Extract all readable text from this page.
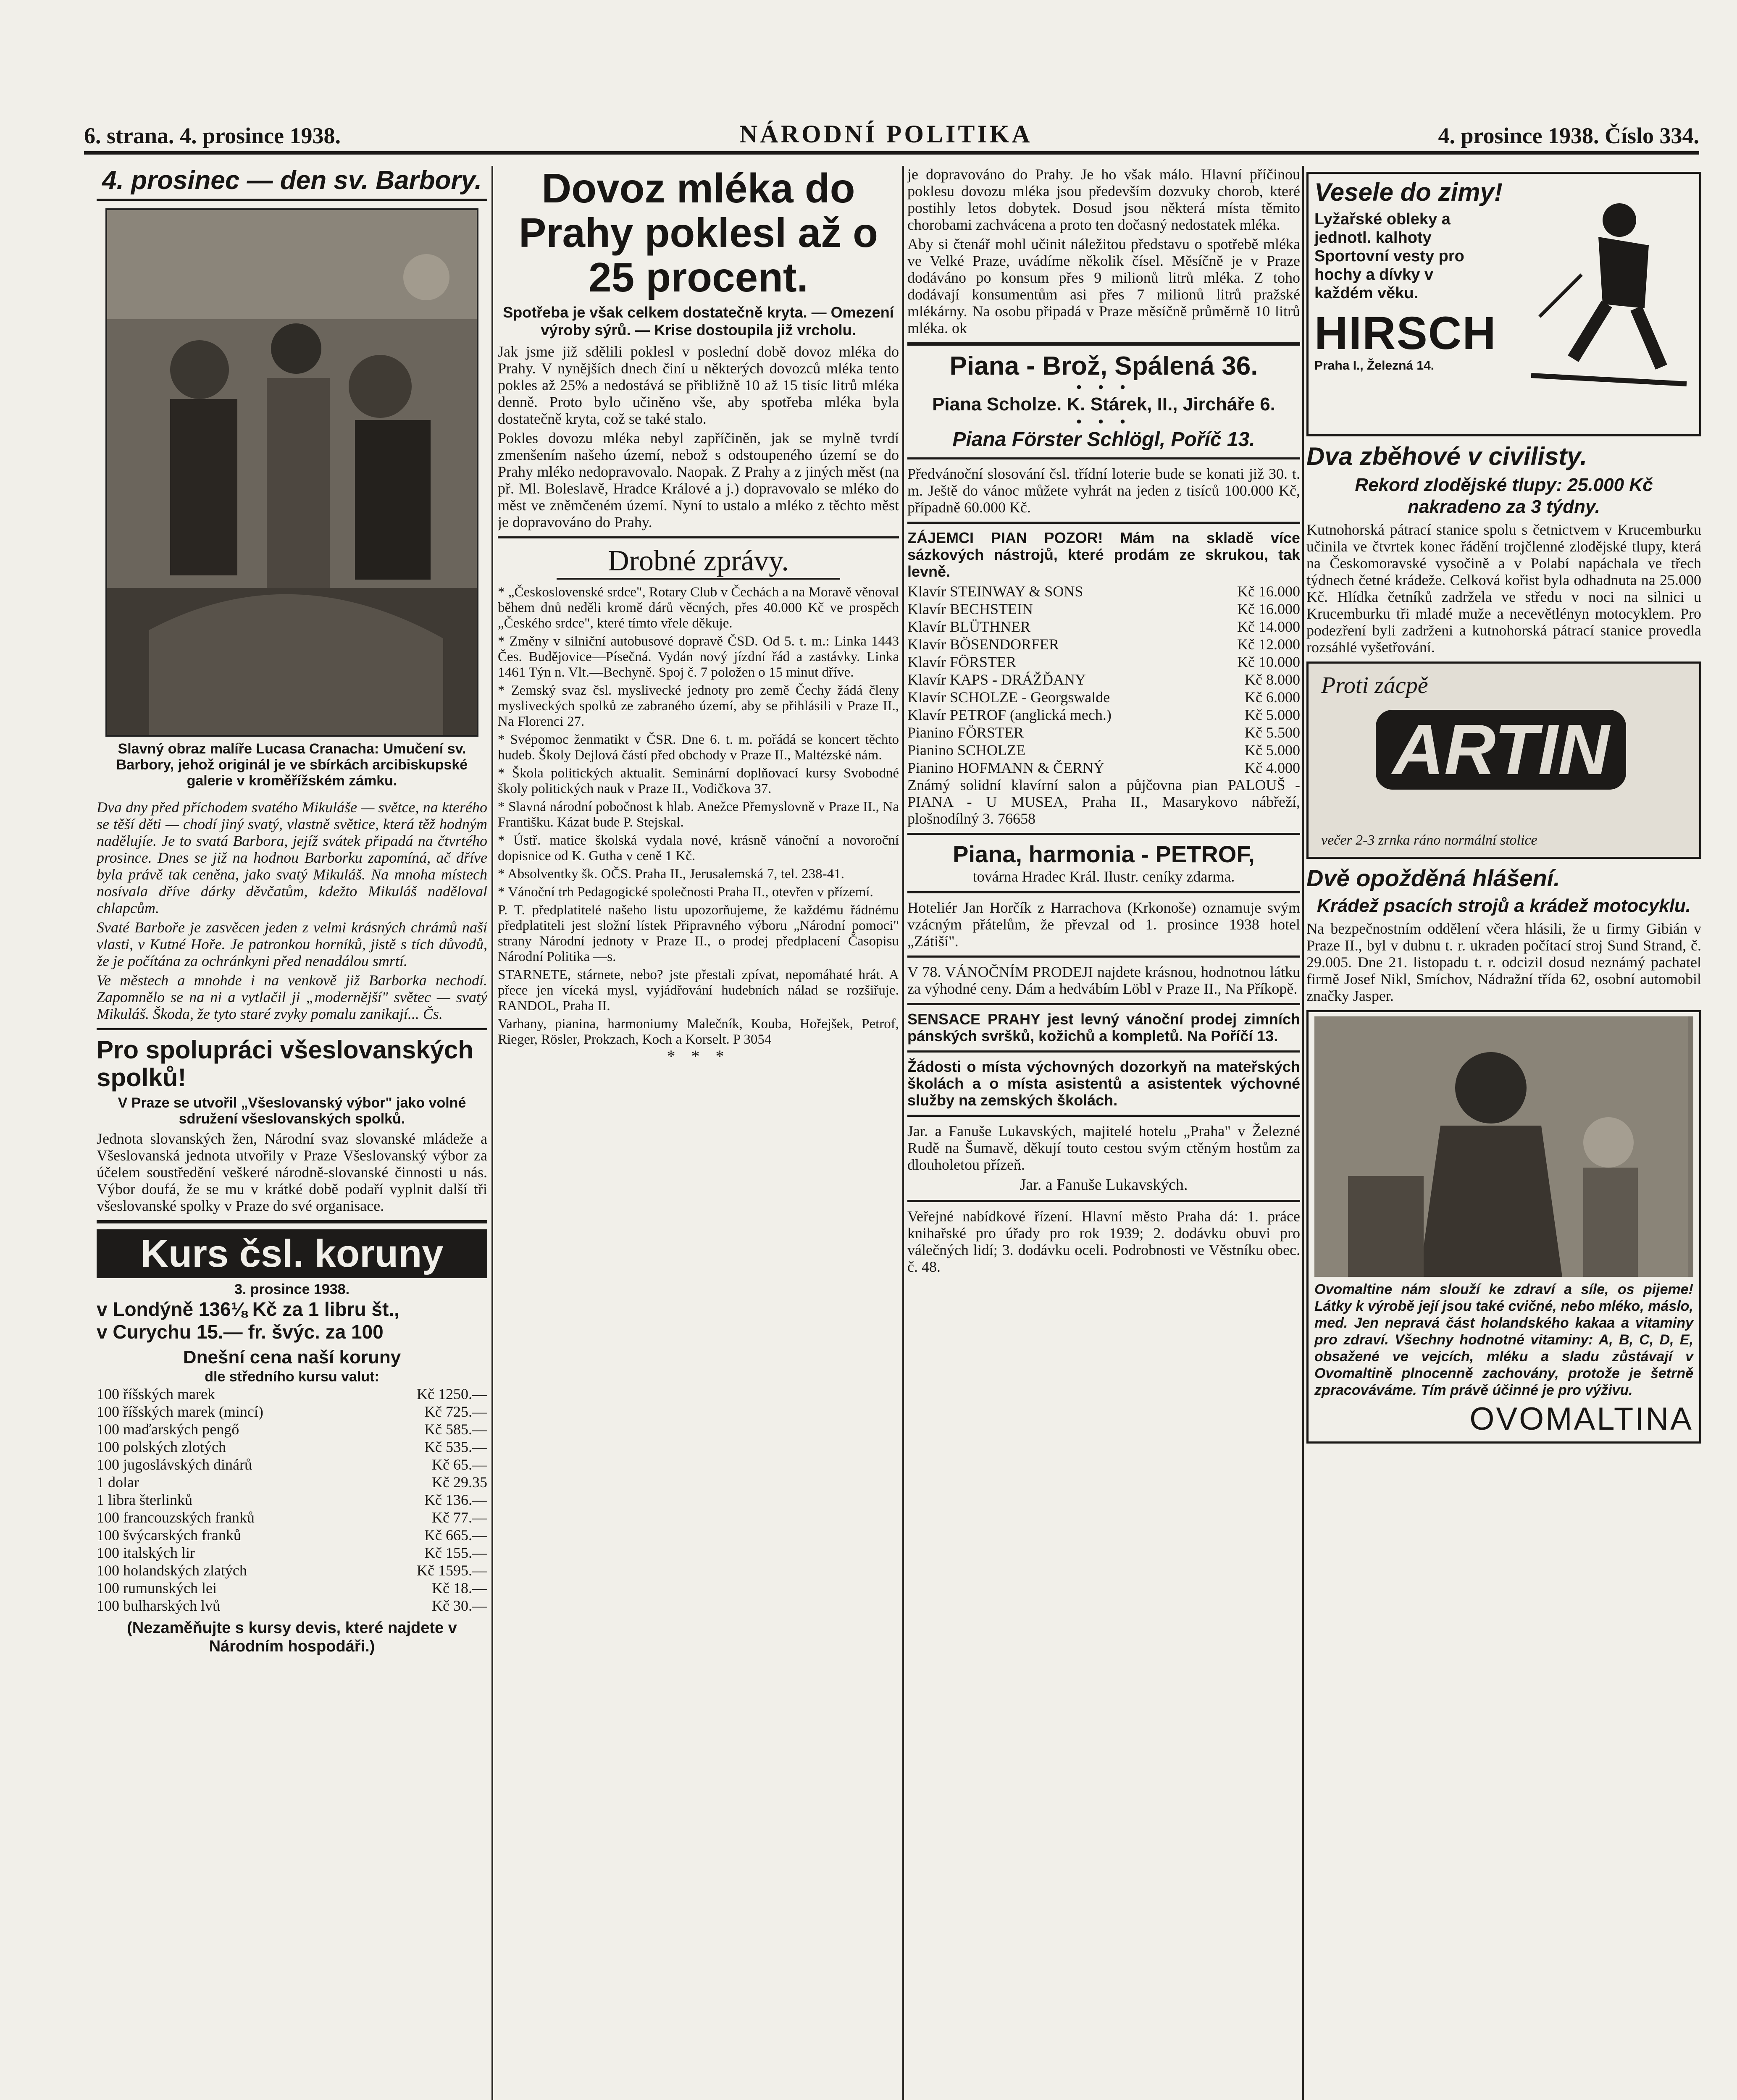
6. strana. 4. prosince 1938.	NÁRODNÍ POLITIKA	4. prosince 1938. Číslo 334.
4. prosinec — den sv. Barbory.
Slavný obraz malíře Lucasa Cranacha: Umučení sv. Barbory, jehož originál je ve sbírkách arcibiskupské galerie v kroměřížském zámku.

Dva dny před příchodem svatého Mikuláše — světce, na kterého se těší děti — chodí jiný svatý, vlastně světice, která těž hodným nadělujíe. Je to svatá Barbora, jejíž svátek připadá na čtvrtého prosince. Dnes se již na hodnou Barborku zapomíná, ač dříve byla právě tak ceněna, jako svatý Mikuláš. Na mnoha místech nosívala dříve dárky děvčatům, kdežto Mikuláš naděloval chlapcům.

Svaté Barboře je zasvěcen jeden z velmi krásných chrámů naší vlasti, v Kutné Hoře. Je patronkou horníků, jistě s tích důvodů, že je počítána za ochránkyni před nenadálou smrtí.

Ve městech a mnohde i na venkově již Barborka nechodí. Zapomnělo se na ni a vytlačil ji „modernější" světec — svatý Mikuláš. Škoda, že tyto staré zvyky pomalu zanikají... Čs.

Pro spolupráci všeslovanských spolků!
V Praze se utvořil „Všeslovanský výbor" jako volné sdružení všeslovanských spolků.

Jednota slovanských žen, Národní svaz slovanské mládeže a Všeslovanská jednota utvořily v Praze Všeslovanský výbor za účelem soustředění veškeré národně-slovanské činnosti u nás. Výbor doufá, že se mu v krátké době podaří vyplnit další tři všeslovanské spolky v Praze do své organisace.

Kurs čsl. koruny
3. prosince 1938.
v Londýně 136⅛ Kč za 1 libru št.,
v Curychu 15.— fr. švýc. za 100
Dnešní cena naší koruny
dle středního kursu valut:
100 říšských marek	Kč 1250.—
100 říšských marek (mincí)	Kč 725.—
100 maďarských pengő	Kč 585.—
100 polských zlotých	Kč 535.—
100 jugoslávských dinárů	Kč 65.—
1 dolar	Kč 29.35
1 libra šterlinků	Kč 136.—
100 francouzských franků	Kč 77.—
100 švýcarských franků	Kč 665.—
100 italských lir	Kč 155.—
100 holandských zlatých	Kč 1595.—
100 rumunských lei	Kč 18.—
100 bulharských lvů	Kč 30.—
(Nezaměňujte s kursy devis, které najdete v Národním hospodáři.)
Dovoz mléka do Prahy poklesl až o 25 procent.
Spotřeba je však celkem dostatečně kryta. — Omezení výroby sýrů. — Krise dostoupila již vrcholu.

Jak jsme již sdělili poklesl v poslední době dovoz mléka do Prahy. V nynějších dnech činí u některých dovozců mléka tento pokles až 25% a nedostává se přibližně 10 až 15 tisíc litrů mléka denně. Proto bylo učiněno vše, aby spotřeba mléka byla dostatečně kryta, což se také stalo.

Pokles dovozu mléka nebyl zapříčiněn, jak se mylně tvrdí zmenšením našeho území, nebož s odstoupeného území se do Prahy mléko nedopravovalo. Naopak. Z Prahy a z jiných měst (na př. Ml. Boleslavě, Hradce Králové a j.) dopravovalo se mléko do měst ve zněmčeném území. Nyní to ustalo a mléko z těchto měst je dopravováno do Prahy.

Drobné zprávy.

* „Československé srdce", Rotary Club v Čechách a na Moravě věnoval během dnů neděli kromě dárů věcných, přes 40.000 Kč ve prospěch „Českého srdce", které tímto vřele děkuje.

* Změny v silniční autobusové dopravě ČSD. Od 5. t. m.: Linka 1443 Čes. Budějovice—Písečná. Vydán nový jízdní řád a zastávky. Linka 1461 Týn n. Vlt.—Bechyně. Spoj č. 7 položen o 15 minut dříve.

* Zemský svaz čsl. myslivecké jednoty pro země Čechy žádá členy mysliveckých spolků ze zabraného území, aby se přihlásili v Praze II., Na Florenci 27.

* Svépomoc ženmatikt v ČSR. Dne 6. t. m. pořádá se koncert těchto hudeb. Školy Dejlová částí před obchody v Praze II., Maltézské nám.

* Škola politických aktualit. Seminární doplňovací kursy Svobodné školy politických nauk v Praze II., Vodičkova 37.

* Slavná národní pobočnost k hlab. Anežce Přemyslovně v Praze II., Na Františku. Kázat bude P. Stejskal.

* Ústř. matice školská vydala nové, krásně vánoční a novoroční dopisnice od K. Gutha v ceně 1 Kč.

* Absolventky šk. OČS. Praha II., Jerusalemská 7, tel. 238-41.

* Vánoční trh Pedagogické společnosti Praha II., otevřen v přízemí.

P. T. předplatitelé našeho listu upozorňujeme, že každému řádnému předplatiteli jest složní lístek Připravného výboru „Národní pomoci" strany Národní jednoty v Praze II., o prodej předplacení Časopisu Národní Politika —s.

STARNETE, stárnete, nebo? jste přestali zpívat, nepomáhaté hrát. A přece jen víceká mysl, vyjádřování hudebních nálad se rozšiřuje. RANDOL, Praha II.

Varhany, pianina, harmoniumy Malečník, Kouba, Hořejšek, Petrof, Rieger, Rösler, Prokzach, Koch a Korselt. P 3054

* * *

je dopravováno do Prahy. Je ho však málo. Hlavní příčinou poklesu dovozu mléka jsou především dozvuky chorob, které postihly letos dobytek. Dosud jsou některá místa těmito chorobami zachvácena a proto ten dočasný nedostatek mléka.

Aby si čtenář mohl učinit náležitou představu o spotřebě mléka ve Velké Praze, uvádíme několik čísel. Měsíčně je v Praze dodáváno po konsum přes 9 milionů litrů mléka. Z toho dodávají konsumentům asi přes 7 milionů litrů pražské mlékárny. Na osobu připadá v Praze měsíčně průměrně 10 litrů mléka. ok

Piana - Brož, Spálená 36.
• • •
Piana Scholze. K. Stárek, II., Jircháře 6.
• • •
Piana Förster Schlögl, Poříč 13.

Předvánoční slosování čsl. třídní loterie bude se konati již 30. t. m. Ještě do vánoc můžete vyhrát na jeden z tisíců 100.000 Kč, případně 60.000 Kč.

ZÁJEMCI PIAN POZOR! Mám na skladě více sázkových nástrojů, které prodám ze skrukou, tak levně.

Klavír STEINWAY & SONS	Kč 16.000
Klavír BECHSTEIN	Kč 16.000
Klavír BLÜTHNER	Kč 14.000
Klavír BÖSENDORFER	Kč 12.000
Klavír FÖRSTER	Kč 10.000
Klavír KAPS - DRÁŽĎANY	Kč 8.000
Klavír SCHOLZE - Georgswalde	Kč 6.000
Klavír PETROF (anglická mech.)	Kč 5.000
Pianino FÖRSTER	Kč 5.500
Pianino SCHOLZE	Kč 5.000
Pianino HOFMANN & ČERNÝ	Kč 4.000

Známý solidní klavírní salon a půjčovna pian PALOUŠ - PIANA - U MUSEA, Praha II., Masarykovo nábřeží, plošnodílný 3. 76658

Piana, harmonia - PETROF,
továrna Hradec Král. Ilustr. ceníky zdarma.

Hoteliér Jan Horčík z Harrachova (Krkonoše) oznamuje svým vzácným přátelům, že převzal od 1. prosince 1938 hotel „Zátiší".

V 78. VÁNOČNÍM PRODEJI najdete krásnou, hodnotnou látku za výhodné ceny. Dám a hedvábím Löbl v Praze II., Na Příkopě.

SENSACE PRAHY jest levný vánoční prodej zimních pánských svršků, kožichů a kompletů. Na Poříčí 13.

Žádosti o místa výchovných dozorkyň na mateřských školách a o místa asistentů a asistentek výchovné služby na zemských školách.

Jar. a Fanuše Lukavských, majitelé hotelu „Praha" v Železné Rudě na Šumavě, děkují touto cestou svým ctěným hostům za dlouholetou přízeň.

Jar. a Fanuše Lukavských.

Veřejné nabídkové řízení. Hlavní město Praha dá: 1. práce knihařské pro úřady pro rok 1939; 2. dodávku obuvi pro válečných lidí; 3. dodávku oceli. Podrobnosti ve Věstníku obec. č. 48.

Vesele do zimy!
Lyžařské obleky a jednotl. kalhoty Sportovní vesty pro hochy a dívky v každém věku.
HIRSCH
Praha I., Železná 14.
Dva zběhové v civilisty.
Rekord zlodějské tlupy: 25.000 Kč nakradeno za 3 týdny.

Kutnohorská pátrací stanice spolu s četnictvem v Krucemburku učinila ve čtvrtek konec řádění trojčlenné zlodějské tlupy, která na Českomoravské vysočině a v Polabí napáchala ve třech týdnech četné krádeže. Celková kořist byla odhadnuta na 25.000 Kč. Hlídka četníků zadržela ve středu v noci na silnici u Krucemburku tři mladé muže a necevětlényn motocyklem. Pro podezření byli zadrženi a kutnohorská pátrací stanice provedla rozsáhlé vyšetřování.

Proti zácpě
ARTIN
večer 2-3 zrnka ráno normální stolice
Dvě opožděná hlášení.
Krádež psacích strojů a krádež motocyklu.

Na bezpečnostním oddělení včera hlásili, že u firmy Gibián v Praze II., byl v dubnu t. r. ukraden počítací stroj Sund Strand, č. 29.005. Dne 21. listopadu t. r. odcizil dosud neznámý pachatel firmě Josef Nikl, Smíchov, Nádražní třída 62, osobní automobil značky Jasper.

Ovomaltine nám slouží ke zdraví a síle, os pijeme! Látky k výrobě její jsou také cvičné, nebo mléko, máslo, med. Jen nepravá část holandského kakaa a vitaminy pro zdraví. Všechny hodnotné vitaminy: A, B, C, D, E, obsažené ve vejcích, mléku a sladu zůstávají v Ovomaltině plnocenně zachovány, protože je šetrně zpracováváme. Tím právě účinné je pro výživu.

OVOMALTINA
